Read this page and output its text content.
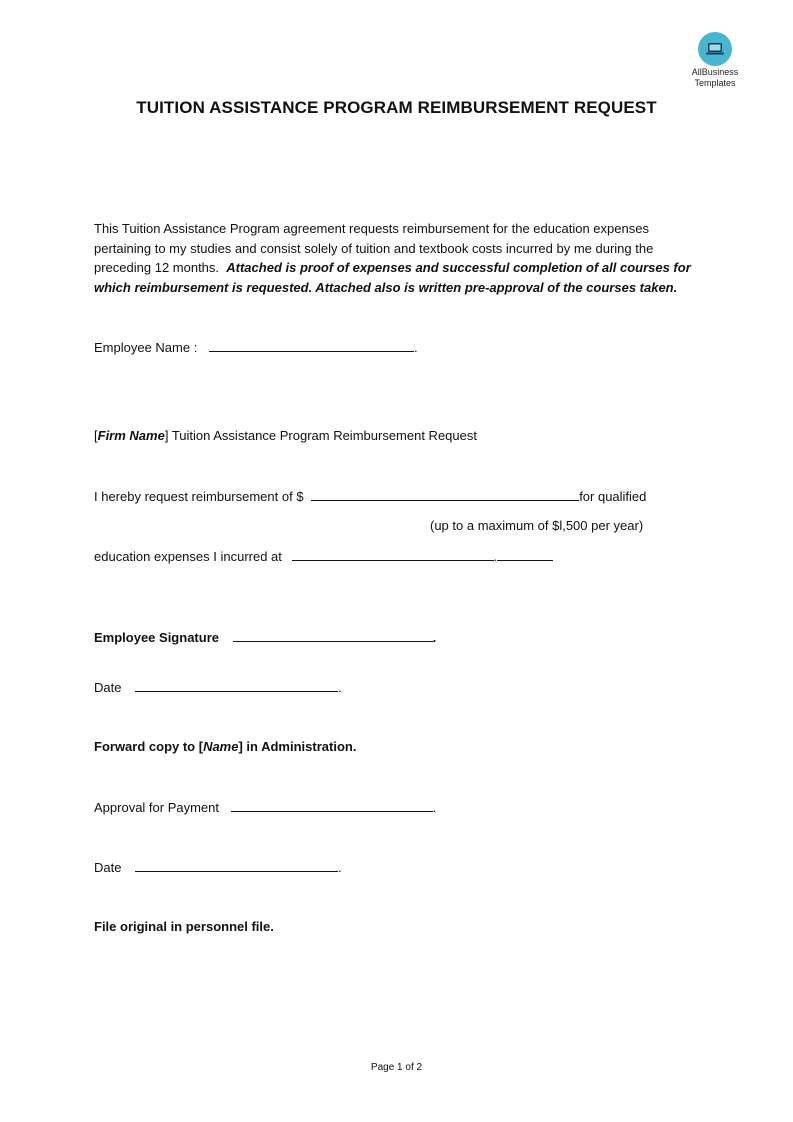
AllBusiness
Templates
TUITION ASSISTANCE PROGRAM REIMBURSEMENT REQUEST
This Tuition Assistance Program agreement requests reimbursement for the education expenses pertaining to my studies and consist solely of tuition and textbook costs incurred by me during the preceding 12 months. Attached is proof of expenses and successful completion of all courses for which reimbursement is requested. Attached also is written pre-approval of the courses taken.
Employee Name :	.
[Firm Name] Tuition Assistance Program Reimbursement Request
I hereby request reimbursement of $	for qualified
(up to a maximum of $l,500 per year)
education expenses I incurred at	.
Employee Signature	.
Date	.
Forward copy to [Name] in Administration.
Approval for Payment	.
Date	.
File original in personnel file.
Page 1 of 2
